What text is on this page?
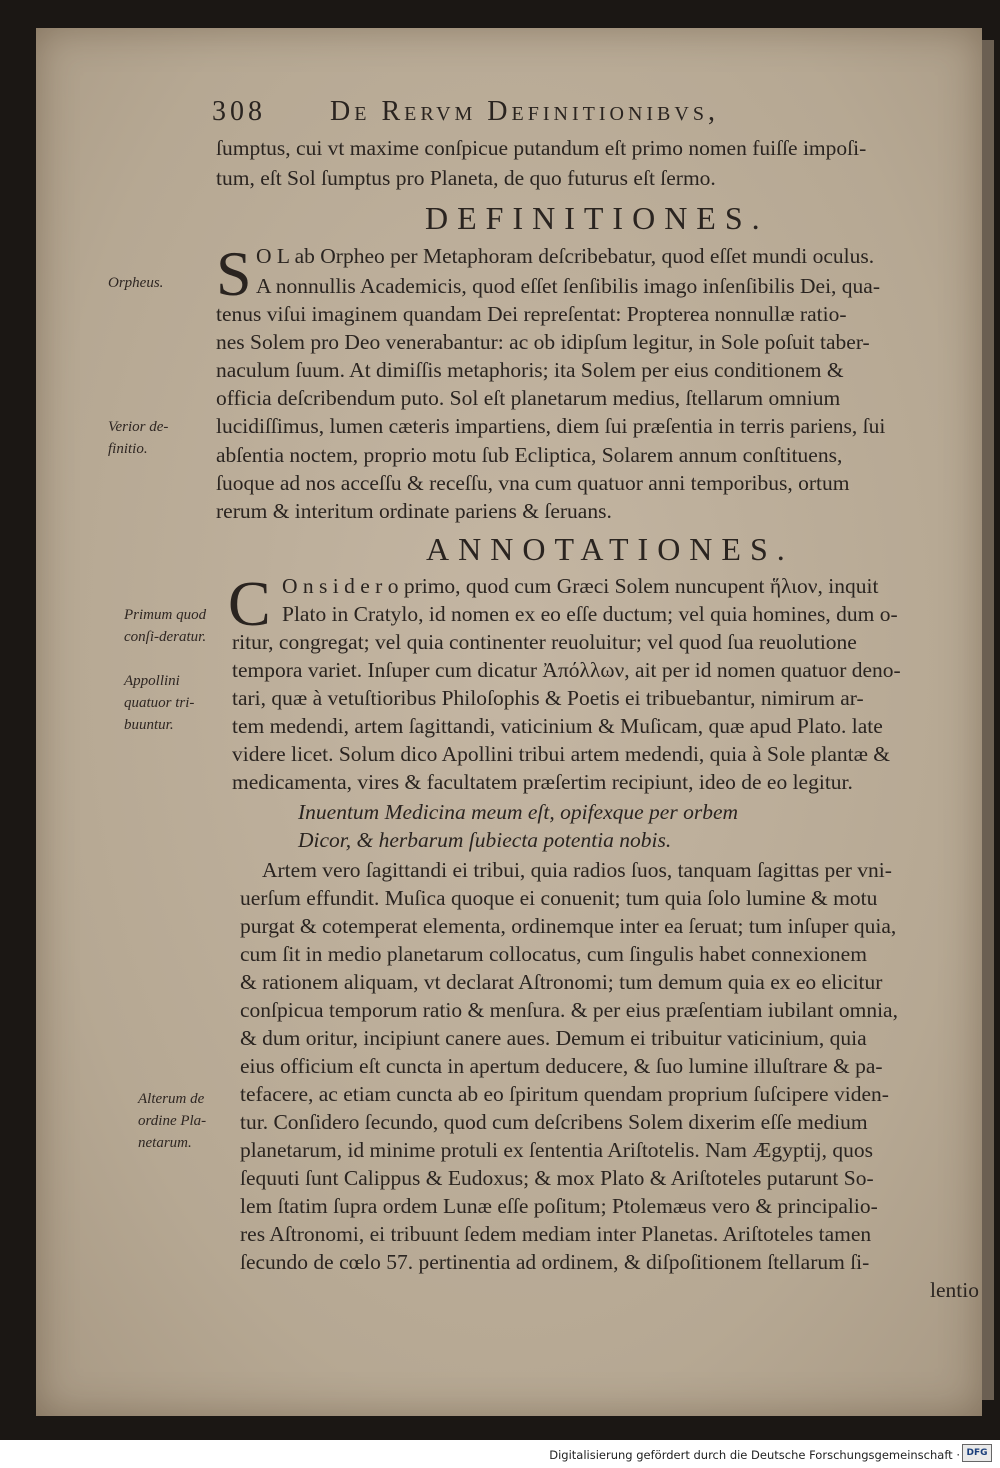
308 De Rervm Definitionibvs,
ſumptus, cui vt maxime conſpicue putandum eſt primo nomen fuiſſe impoſi-
tum, eſt Sol ſumptus pro Planeta, de quo futurus eſt ſermo.
DEFINITIONES.
S O L ab Orpheo per Metaphoram deſcribebatur, quod eſſet mundi oculus.
A nonnullis Academicis, quod eſſet ſenſibilis imago inſenſibilis Dei, qua-
tenus viſui imaginem quandam Dei repreſentat: Propterea nonnullæ ratio-
nes Solem pro Deo venerabantur: ac ob idipſum legitur, in Sole poſuit taber-
naculum ſuum. At dimiſſis metaphoris; ita Solem per eius conditionem &
officia deſcribendum puto. Sol eſt planetarum medius, ſtellarum omnium
lucidiſſimus, lumen cæteris impartiens, diem ſui præſentia in terris pariens, ſui
abſentia noctem, proprio motu ſub Ecliptica, Solarem annum conſtituens,
ſuoque ad nos acceſſu & receſſu, vna cum quatuor anni temporibus, ortum
rerum & interitum ordinate pariens & ſeruans.
ANNOTATIONES.
C O n s i d e r o primo, quod cum Græci Solem nuncupent ἥλιον, inquit
Plato in Cratylo, id nomen ex eo eſſe ductum; vel quia homines, dum o-
ritur, congregat; vel quia continenter reuoluitur; vel quod ſua reuolutione
tempora variet. Inſuper cum dicatur Ἀπόλλων, ait per id nomen quatuor deno-
tari, quæ à vetuſtioribus Philoſophis & Poetis ei tribuebantur, nimirum ar-
tem medendi, artem ſagittandi, vaticinium & Muſicam, quæ apud Plato. late
videre licet. Solum dico Apollini tribui artem medendi, quia à Sole plantæ &
medicamenta, vires & facultatem præſertim recipiunt, ideo de eo legitur.
Inuentum Medicina meum eſt, opifexque per orbem
Dicor, & herbarum ſubiecta potentia nobis.
Artem vero ſagittandi ei tribui, quia radios ſuos, tanquam ſagittas per vni-
uerſum effundit. Muſica quoque ei conuenit; tum quia ſolo lumine & motu
purgat & cotemperat elementa, ordinemque inter ea ſeruat; tum inſuper quia,
cum ſit in medio planetarum collocatus, cum ſingulis habet connexionem
& rationem aliquam, vt declarat Aſtronomi; tum demum quia ex eo elicitur
conſpicua temporum ratio & menſura. & per eius præſentiam iubilant omnia,
& dum oritur, incipiunt canere aues. Demum ei tribuitur vaticinium, quia
eius officium eſt cuncta in apertum deducere, & ſuo lumine illuſtrare & pa-
tefacere, ac etiam cuncta ab eo ſpiritum quendam proprium ſuſcipere viden-
tur. Conſidero ſecundo, quod cum deſcribens Solem dixerim eſſe medium
planetarum, id minime protuli ex ſententia Ariſtotelis. Nam Ægyptij, quos
ſequuti ſunt Calippus & Eudoxus; & mox Plato & Ariſtoteles putarunt So-
lem ſtatim ſupra ordem Lunæ eſſe poſitum; Ptolemæus vero & principalio-
res Aſtronomi, ei tribuunt ſedem mediam inter Planetas. Ariſtoteles tamen
ſecundo de cœlo 57. pertinentia ad ordinem, & diſpoſitionem ſtellarum ſi-
lentio
Orpheus.
Verior de-finitio.
Primum quod conſi-deratur.
Appollini quatuor tri-buuntur.
Alterum de ordine Pla-netarum.
Digitalisierung gefördert durch die Deutsche Forschungsgemeinschaft · DFG
